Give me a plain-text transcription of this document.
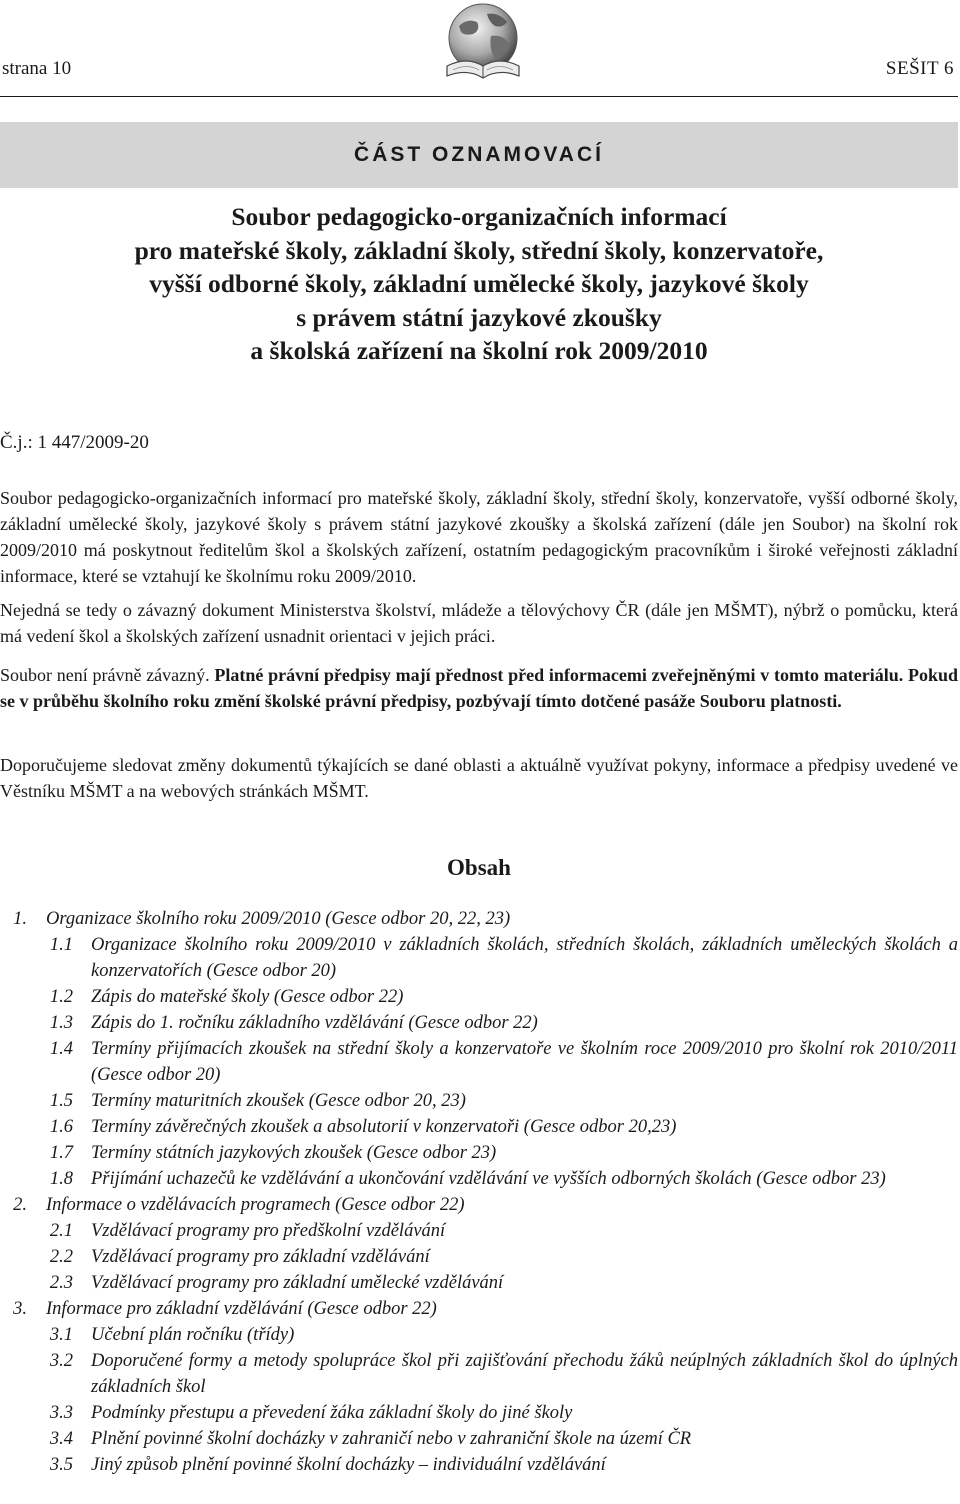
strana 10	SEŠIT 6
ČÁST OZNAMOVACÍ
Soubor pedagogicko-organizačních informací
pro mateřské školy, základní školy, střední školy, konzervatoře,
vyšší odborné školy, základní umělecké školy, jazykové školy
s právem státní jazykové zkoušky
a školská zařízení na školní rok 2009/2010
Č.j.: 1 447/2009-20

Soubor pedagogicko-organizačních informací pro mateřské školy, základní školy, střední školy, konzervatoře, vyšší odborné školy, základní umělecké školy, jazykové školy s právem státní jazykové zkoušky a školská zařízení (dále jen Soubor) na školní rok 2009/2010 má poskytnout ředitelům škol a školských zařízení, ostatním pedagogickým pracovníkům i široké veřejnosti základní informace, které se vztahují ke školnímu roku 2009/2010.

Nejedná se tedy o závazný dokument Ministerstva školství, mládeže a tělovýchovy ČR (dále jen MŠMT), nýbrž o pomůcku, která má vedení škol a školských zařízení usnadnit orientaci v jejich práci.

Soubor není právně závazný. Platné právní předpisy mají přednost před informacemi zveřejněnými v tomto materiálu. Pokud se v průběhu školního roku změní školské právní předpisy, pozbývají tímto dotčené pasáže Souboru platnosti.

Doporučujeme sledovat změny dokumentů týkajících se dané oblasti a aktuálně využívat pokyny, informace a předpisy uvedené ve Věstníku MŠMT a na webových stránkách MŠMT.

Obsah
1. Organizace školního roku 2009/2010 (Gesce odbor 20, 22, 23)
1.1 Organizace školního roku 2009/2010 v základních školách, středních školách, základních uměleckých školách a konzervatořích (Gesce odbor 20)
1.2 Zápis do mateřské školy (Gesce odbor 22)
1.3 Zápis do 1. ročníku základního vzdělávání (Gesce odbor 22)
1.4 Termíny přijímacích zkoušek na střední školy a konzervatoře ve školním roce 2009/2010 pro školní rok 2010/2011 (Gesce odbor 20)
1.5 Termíny maturitních zkoušek (Gesce odbor 20, 23)
1.6 Termíny závěrečných zkoušek a absolutorií v konzervatoři (Gesce odbor 20,23)
1.7 Termíny státních jazykových zkoušek (Gesce odbor 23)
1.8 Přijímání uchazečů ke vzdělávání a ukončování vzdělávání ve vyšších odborných školách (Gesce odbor 23)
2. Informace o vzdělávacích programech (Gesce odbor 22)
2.1 Vzdělávací programy pro předškolní vzdělávání
2.2 Vzdělávací programy pro základní vzdělávání
2.3 Vzdělávací programy pro základní umělecké vzdělávání
3. Informace pro základní vzdělávání (Gesce odbor 22)
3.1 Učební plán ročníku (třídy)
3.2 Doporučené formy a metody spolupráce škol při zajišťování přechodu žáků neúplných základních škol do úplných základních škol
3.3 Podmínky přestupu a převedení žáka základní školy do jiné školy
3.4 Plnění povinné školní docházky v zahraničí nebo v zahraniční škole na území ČR
3.5 Jiný způsob plnění povinné školní docházky – individuální vzdělávání
